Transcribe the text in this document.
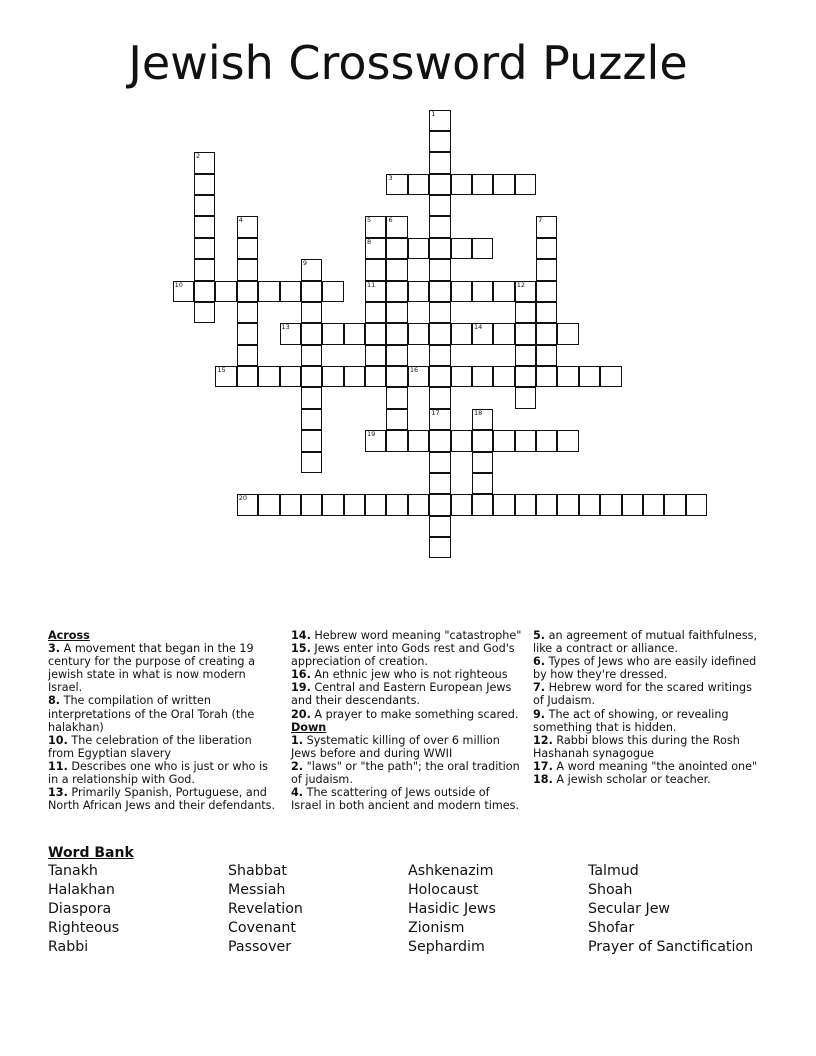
Jewish Crossword Puzzle
1
17
2
3
4	5
8
11
6	7
9
10	12
13	14
15	16
18
19
20
Across
3. A movement that began in the 19 century for the purpose of creating a jewish state in what is now modern Israel.
8. The compilation of written interpretations of the Oral Torah (the halakhan)
10. The celebration of the liberation from Egyptian slavery
11. Describes one who is just or who is in a relationship with God.
13. Primarily Spanish, Portuguese, and North African Jews and their defendants.
14. Hebrew word meaning "catastrophe"
15. Jews enter into Gods rest and God's appreciation of creation.
16. An ethnic jew who is not righteous
19. Central and Eastern European Jews and their descendants.
20. A prayer to make something scared.
Down
1. Systematic killing of over 6 million Jews before and during WWII
2. "laws" or "the path"; the oral tradition of judaism.
4. The scattering of Jews outside of Israel in both ancient and modern times.
5. an agreement of mutual faithfulness, like a contract or alliance.
6. Types of Jews who are easily idefined by how they're dressed.
7. Hebrew word for the scared writings of Judaism.
9. The act of showing, or revealing something that is hidden.
12. Rabbi blows this during the Rosh Hashanah synagogue
17. A word meaning "the anointed one"
18. A jewish scholar or teacher.
Word Bank
Tanakh
Halakhan
Diaspora
Righteous
Rabbi
Shabbat
Messiah
Revelation
Covenant
Passover
Ashkenazim
Holocaust
Hasidic Jews
Zionism
Sephardim
Talmud
Shoah
Secular Jew
Shofar
Prayer of Sanctification
